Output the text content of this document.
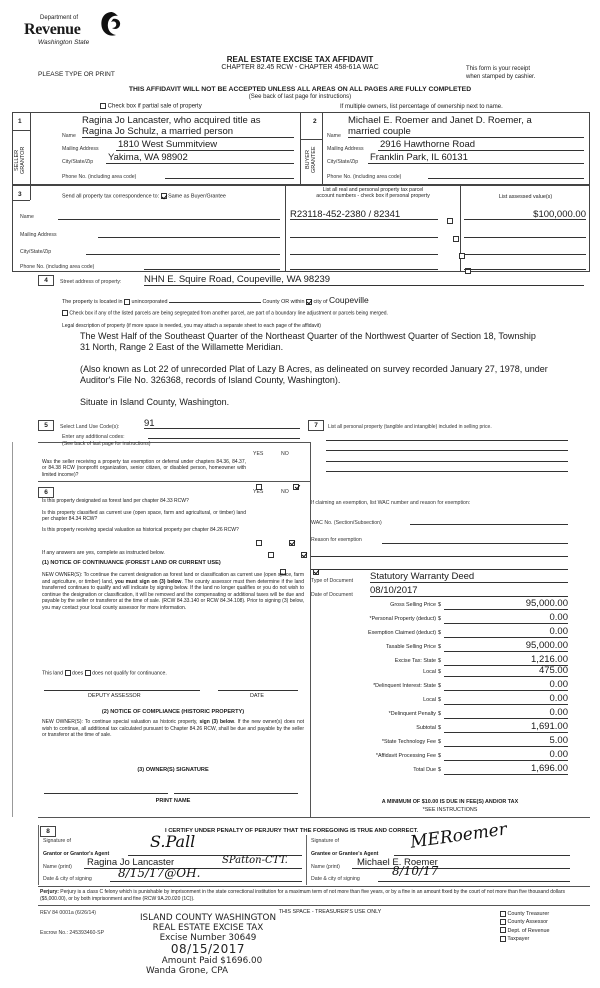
Department of
Revenue
Washington State
PLEASE TYPE OR PRINT
REAL ESTATE EXCISE TAX AFFIDAVIT
CHAPTER 82.45 RCW - CHAPTER 458-61A WAC	This form is your receipt
when stamped by cashier.
THIS AFFIDAVIT WILL NOT BE ACCEPTED UNLESS ALL AREAS ON ALL PAGES ARE FULLY COMPLETED
(See back of last page for instructions)
Check box if partial sale of property	If multiple owners, list percentage of ownership next to name.
1
SELLER
GRANTOR
Ragina Jo Lancaster, who acquired title as
Name Ragina Jo Schulz, a married person
Mailing Address 1810 West Summitview
City/State/Zip Yakima, WA 98902
Phone No. (including area code)
2
BUYER
GRANTEE
Michael E. Roemer and Janet D. Roemer, a
Name married couple
Mailing Address 2916 Hawthorne Road
City/State/Zip Franklin Park, IL 60131
Phone No. (including area code)
3	Send all property tax correspondence to: Same as Buyer/Grantee
Name
Mailing Address
City/State/Zip
Phone No. (including area code)
List all real and personal property tax parcel
account numbers - check box if personal property	List assessed value(s)
R23118-452-2380 / 82341	$100,000.00
4	Street address of property: NHN E. Squire Road, Coupeville, WA 98239
The property is located in unincorporated	County OR within city of Coupeville
Check box if any of the listed parcels are being segregated from another parcel, are part of a boundary line adjustment or parcels being merged.
Legal description of property (if more space is needed, you may attach a separate sheet to each page of the affidavit)

The West Half of the Southeast Quarter of the Northeast Quarter of the Northwest Quarter of Section 18, Township 31 North, Range 2 East of the Willamette Meridian.

(Also known as Lot 22 of unrecorded Plat of Lazy B Acres, as delineated on survey recorded January 27, 1978, under Auditor's File No. 326368, records of Island County, Washington).

Situate in Island County, Washington.

5	Select Land Use Code(s):	91
Enter any additional codes:
(See back of last page for instructions)
YES	NO
Was the seller receiving a property tax exemption or deferral under chapters 84.36, 84.37, or 84.38 RCW (nonprofit organization, senior citizen, or disabled person, homeowner with limited income)?

6	YES	NO
Is this property designated as forest land per chapter 84.33 RCW?
Is this property classified as current use (open space, farm and agricultural, or timber) land per chapter 84.34 RCW?
Is this property receiving special valuation as historical property per chapter 84.26 RCW?
If any answers are yes, complete as instructed below.
(1) NOTICE OF CONTINUANCE (FOREST LAND OR CURRENT USE)
NEW OWNER(S): To continue the current designation as forest land or classification as current use (open space, farm and agriculture, or timber) land, you must sign on (3) below. The county assessor must then determine if the land transferred continues to qualify and will indicate by signing below. If the land no longer qualifies or you do not wish to continue the designation or classification, it will be removed and the compensating or additional taxes will be due and payable by the seller or transferor at the time of sale. (RCW 84.33.140 or RCW 84.34.108). Prior to signing (3) below, you may contact your local county assessor for more information.
This land does does not qualify for continuance.
DEPUTY ASSESSOR	DATE
(2) NOTICE OF COMPLIANCE (HISTORIC PROPERTY)
NEW OWNER(S): To continue special valuation as historic property, sign (3) below. If the new owner(s) does not wish to continue, all additional tax calculated pursuant to Chapter 84.26 RCW, shall be due and payable by the seller or transferor at the time of sale.
(3) OWNER(S) SIGNATURE
PRINT NAME
7	List all personal property (tangible and intangible) included in selling price.
If claiming an exemption, list WAC number and reason for exemption:
WAC No. (Section/Subsection)
Reason for exemption
Type of Document Statutory Warranty Deed
Date of Document 08/10/2017
Gross Selling Price $	95,000.00
*Personal Property (deduct) $	0.00
Exemption Claimed (deduct) $	0.00
Taxable Selling Price $	95,000.00
Excise Tax: State $	1,216.00
Local $	475.00
*Delinquent Interest: State $	0.00
Local $	0.00
*Delinquent Penalty $	0.00
Subtotal $	1,691.00
*State Technology Fee $	5.00
*Affidavit Processing Fee $	0.00
Total Due $	1,696.00
A MINIMUM OF $10.00 IS DUE IN FEE(S) AND/OR TAX
*SEE INSTRUCTIONS
8	I CERTIFY UNDER PENALTY OF PERJURY THAT THE FOREGOING IS TRUE AND CORRECT.
Signature of
Grantor or Grantor's Agent
S.Pall
Name (print)	Ragina Jo Lancaster	SPatton-CTT.
Date & city of signing 8/15/17@OH.
Signature of
Grantee or Grantee's Agent
MERoemer
Name (print)	Michael E. Roemer
Date & city of signing
8/10/17
Perjury: Perjury is a class C felony which is punishable by imprisonment in the state correctional institution for a maximum term of not more than five years, or by a fine in an amount fixed by the court of not more than five thousand dollars ($5,000.00), or by both imprisonment and fine (RCW 9A.20.020 (1C)).
REV 84 0001a (6/26/14)
Escrow No.: 245393460-SP
THIS SPACE - TREASURER'S USE ONLY
ISLAND COUNTY WASHINGTON
REAL ESTATE EXCISE TAX
Excise Number 30649
08/15/2017
Amount Paid $1696.00
Wanda Grone, CPA
County Treasurer
County Assessor
Dept. of Revenue
Taxpayer
